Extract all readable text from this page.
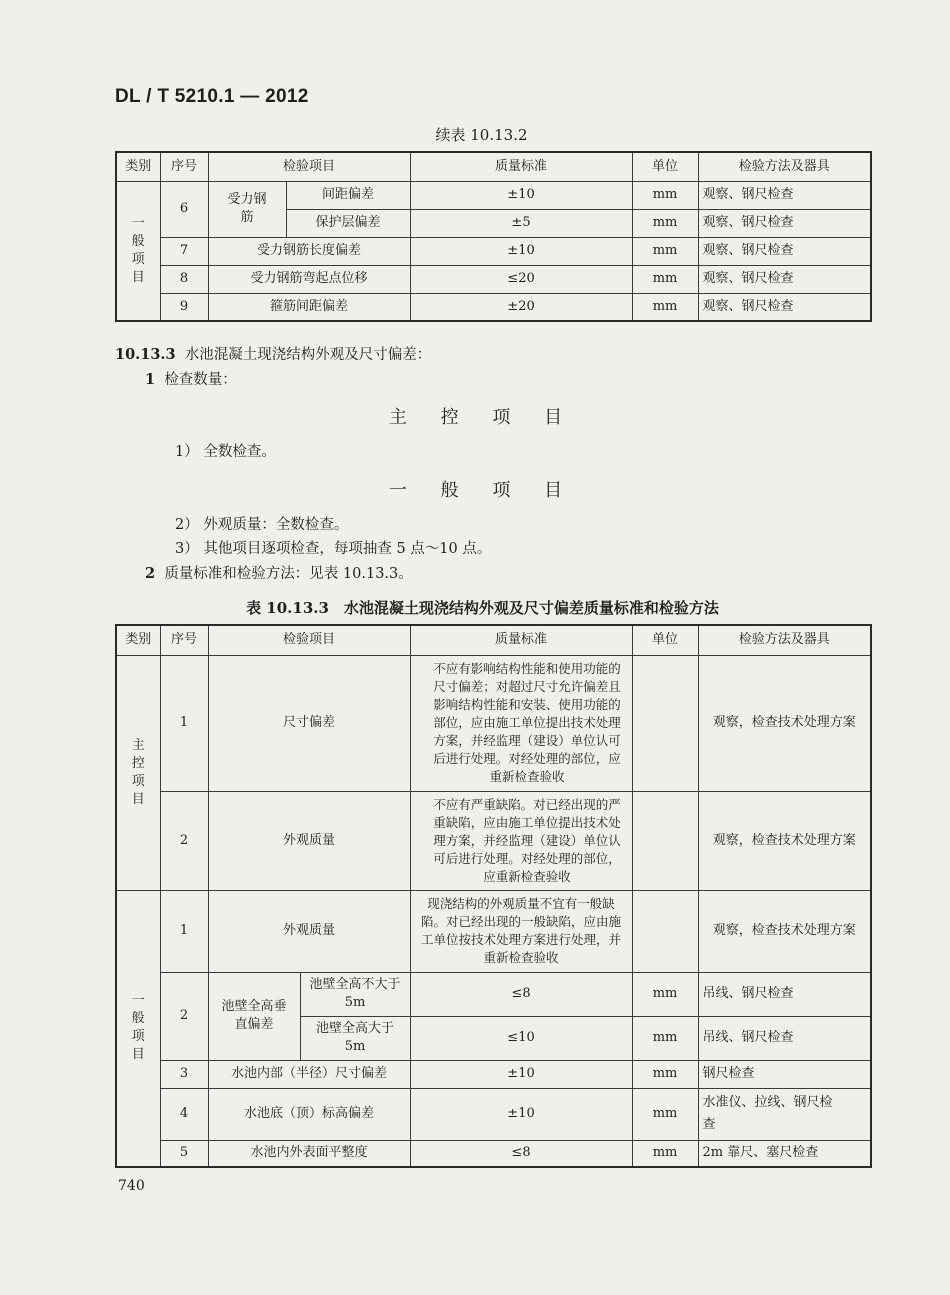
DL / T 5210.1 — 2012
续表 10.13.2
类别	序号	检验项目		质量标准	单位	检验方法及器具
一般项目	6	受力钢筋	间距偏差	±10	mm	观察、钢尺检查
			保护层偏差	±5	mm	观察、钢尺检查
	7	受力钢筋长度偏差		±10	mm	观察、钢尺检查
	8	受力钢筋弯起点位移		≤20	mm	观察、钢尺检查
	9	箍筋间距偏差		±20	mm	观察、钢尺检查
10.13.3 水池混凝土现浇结构外观及尺寸偏差：
1 检查数量：
主 控 项 目
1） 全数检查。
一 般 项 目
2） 外观质量：全数检查。
3） 其他项目逐项检查，每项抽查 5 点～10 点。
2 质量标准和检验方法：见表 10.13.3。
表 10.13.3　水池混凝土现浇结构外观及尺寸偏差质量标准和检验方法
类别	序号	检验项目		质量标准	单位	检验方法及器具
主控项目	1	尺寸偏差		不应有影响结构性能和使用功能的尺寸偏差；对超过尺寸允许偏差且影响结构性能和安装、使用功能的部位，应由施工单位提出技术处理方案，并经监理（建设）单位认可后进行处理。对经处理的部位，应重新检查验收		观察，检查技术处理方案
	2	外观质量		不应有严重缺陷。对已经出现的严重缺陷，应由施工单位提出技术处理方案，并经监理（建设）单位认可后进行处理。对经处理的部位，应重新检查验收		观察，检查技术处理方案
一般项目	1	外观质量		现浇结构的外观质量不宜有一般缺陷。对已经出现的一般缺陷，应由施工单位按技术处理方案进行处理，并重新检查验收		观察，检查技术处理方案
	2	池壁全高垂直偏差	池壁全高不大于5m	≤8	mm	吊线、钢尺检查
			池壁全高大于5m	≤10	mm	吊线、钢尺检查
	3	水池内部（半径）尺寸偏差		±10	mm	钢尺检查
	4	水池底（顶）标高偏差		±10	mm	水准仪、拉线、钢尺检查
	5	水池内外表面平整度		≤8	mm	2m 靠尺、塞尺检查
740
